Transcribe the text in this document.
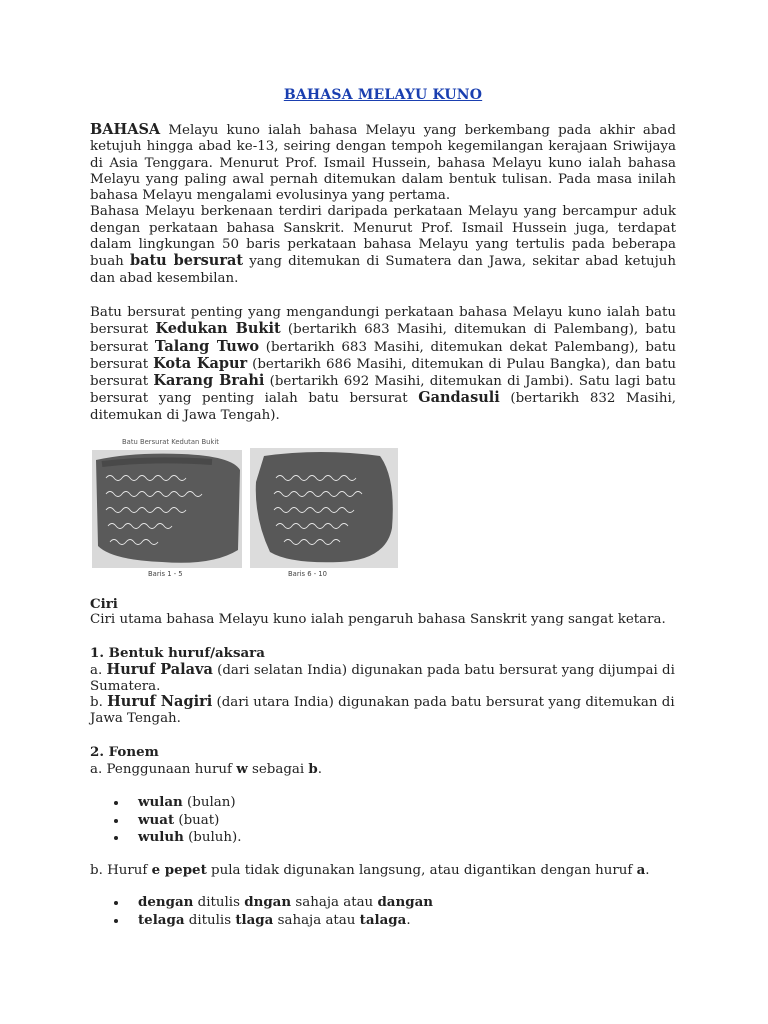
BAHASA MELAYU KUNO

BAHASA Melayu kuno ialah bahasa Melayu yang berkembang pada akhir abad ketujuh hingga abad ke-13, seiring dengan tempoh kegemilangan kerajaan Sriwijaya di Asia Tenggara. Menurut Prof. Ismail Hussein, bahasa Melayu kuno ialah bahasa Melayu yang paling awal pernah ditemukan dalam bentuk tulisan. Pada masa inilah bahasa Melayu mengalami evolusinya yang pertama.
Bahasa Melayu berkenaan terdiri daripada perkataan Melayu yang bercampur aduk dengan perkataan bahasa Sanskrit. Menurut Prof. Ismail Hussein juga, terdapat dalam lingkungan 50 baris perkataan bahasa Melayu yang tertulis pada beberapa buah batu bersurat yang ditemukan di Sumatera dan Jawa, sekitar abad ketujuh dan abad kesembilan.

Batu bersurat penting yang mengandungi perkataan bahasa Melayu kuno ialah batu bersurat Kedukan Bukit (bertarikh 683 Masihi, ditemukan di Palembang), batu bersurat Talang Tuwo (bertarikh 683 Masihi, ditemukan dekat Palembang), batu bersurat Kota Kapur (bertarikh 686 Masihi, ditemukan di Pulau Bangka), dan batu bersurat Karang Brahi (bertarikh 692 Masihi, ditemukan di Jambi). Satu lagi batu bersurat yang penting ialah batu bersurat Gandasuli (bertarikh 832 Masihi, ditemukan di Jawa Tengah).

Batu Bersurat Kedutan Bukit
Baris 1 - 5	Baris 6 - 10
Ciri
Ciri utama bahasa Melayu kuno ialah pengaruh bahasa Sanskrit yang sangat ketara.
1. Bentuk huruf/aksara
a. Huruf Palava (dari selatan India) digunakan pada batu bersurat yang dijumpai di Sumatera.
b. Huruf Nagiri (dari utara India) digunakan pada batu bersurat yang ditemukan di Jawa Tengah.
2. Fonem
a. Penggunaan huruf w sebagai b.
wulan (bulan)
wuat (buat)
wuluh (buluh).
b. Huruf e pepet pula tidak digunakan langsung, atau digantikan dengan huruf a.
dengan ditulis dngan sahaja atau dangan
telaga ditulis tlaga sahaja atau talaga.
